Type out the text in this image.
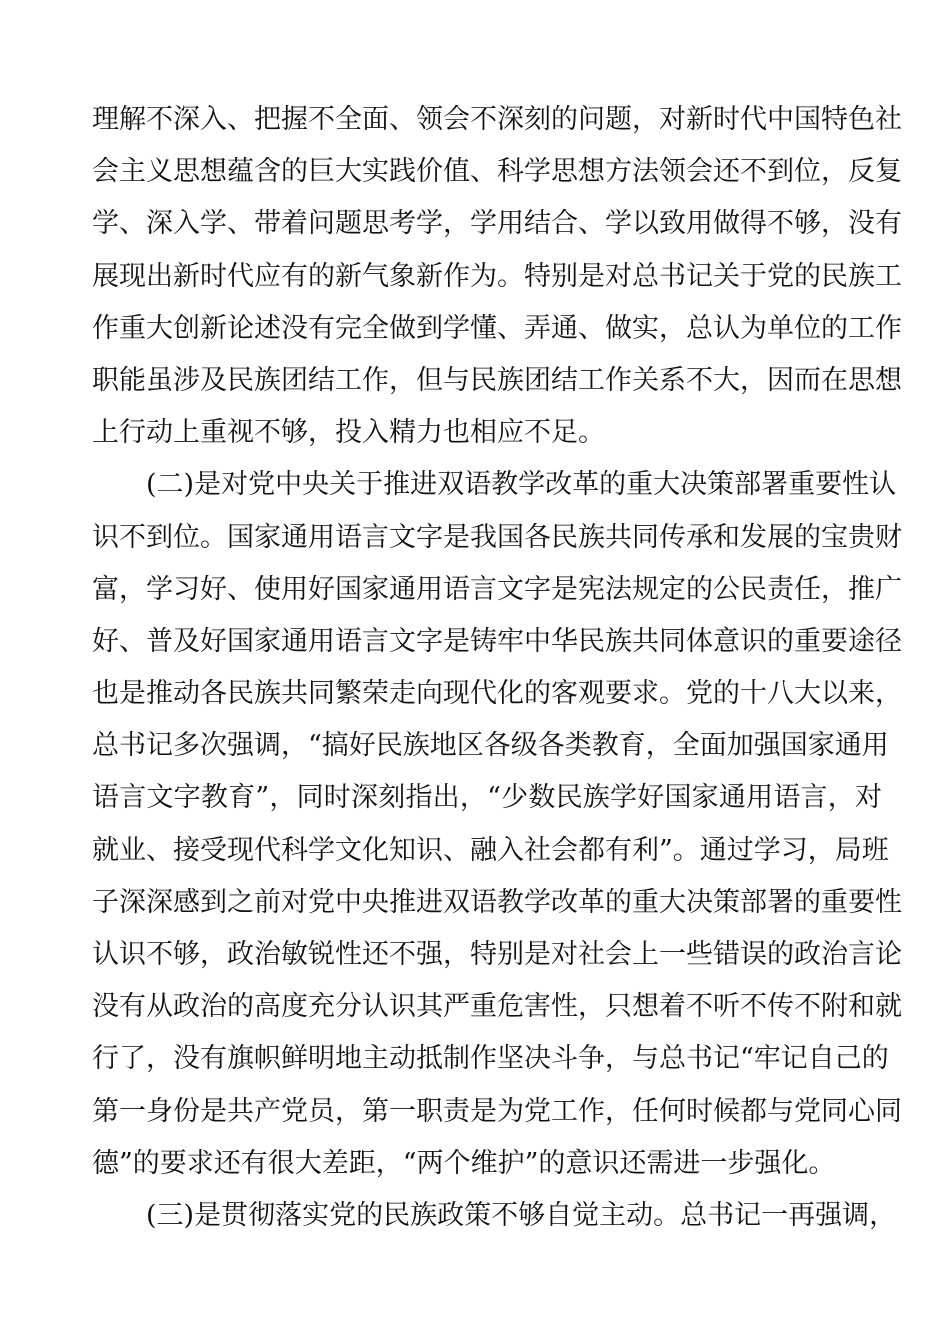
理解不深入、把握不全面、领会不深刻的问题，对新时代中国特色社
会主义思想蕴含的巨大实践价值、科学思想方法领会还不到位，反复
学、深入学、带着问题思考学，学用结合、学以致用做得不够，没有
展现出新时代应有的新气象新作为。特别是对总书记关于党的民族工
作重大创新论述没有完全做到学懂、弄通、做实，总认为单位的工作
职能虽涉及民族团结工作，但与民族团结工作关系不大，因而在思想
上行动上重视不够，投入精力也相应不足。
(二)是对党中央关于推进双语教学改革的重大决策部署重要性认
识不到位。国家通用语言文字是我国各民族共同传承和发展的宝贵财
富，学习好、使用好国家通用语言文字是宪法规定的公民责任，推广
好、普及好国家通用语言文字是铸牢中华民族共同体意识的重要途径
也是推动各民族共同繁荣走向现代化的客观要求。党的十八大以来，
总书记多次强调，“搞好民族地区各级各类教育，全面加强国家通用
语言文字教育”，同时深刻指出，“少数民族学好国家通用语言，对
就业、接受现代科学文化知识、融入社会都有利”。通过学习，局班
子深深感到之前对党中央推进双语教学改革的重大决策部署的重要性
认识不够，政治敏锐性还不强，特别是对社会上一些错误的政治言论
没有从政治的高度充分认识其严重危害性，只想着不听不传不附和就
行了，没有旗帜鲜明地主动抵制作坚决斗争，与总书记“牢记自己的
第一身份是共产党员，第一职责是为党工作，任何时候都与党同心同
德”的要求还有很大差距，“两个维护”的意识还需进一步强化。
(三)是贯彻落实党的民族政策不够自觉主动。总书记一再强调，
